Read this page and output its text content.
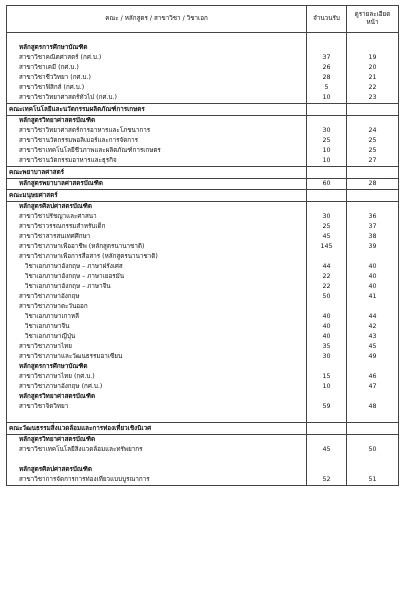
คณะ / หลักสูตร / สาขาวิชา / วิชาเอก	จำนวนรับ	ดูรายละเอียดหน้า

หลักสูตรการศึกษาบัณฑิต		
สาขาวิชาคณิตศาสตร์ (กศ.บ.)	37	19
สาขาวิชาเคมี (กศ.บ.)	26	20
สาขาวิชาชีววิทยา (กศ.บ.)	28	21
สาขาวิชาฟิสิกส์ (กศ.บ.)	5	22
สาขาวิชาวิทยาศาสตร์ทั่วไป (กศ.บ.)	10	23
คณะเทคโนโลยีและนวัตกรรมผลิตภัณฑ์การเกษตร		
หลักสูตรวิทยาศาสตรบัณฑิต		
สาขาวิชาวิทยาศาสตร์การอาหารและโภชนาการ	30	24
สาขาวิชานวัตกรรมพอลิเมอร์และการจัดการ	25	25
สาขาวิชาเทคโนโลยีชีวภาพและผลิตภัณฑ์การเกษตร	10	25
สาขาวิชานวัตกรรมอาหารและธุรกิจ	10	27
คณะพยาบาลศาสตร์		
หลักสูตรพยาบาลศาสตรบัณฑิต	60	28
คณะมนุษยศาสตร์		
หลักสูตรศิลปศาสตรบัณฑิต		
สาขาวิชาปรัชญาและศาสนา	30	36
สาขาวิชาวรรณกรรมสำหรับเด็ก	25	37
สาขาวิชาสารสนเทศศึกษา	45	38
สาขาวิชาภาษาเพื่ออาชีพ (หลักสูตรนานาชาติ)	145	39
สาขาวิชาภาษาเพื่อการสื่อสาร (หลักสูตรนานาชาติ)		
วิชาเอกภาษาอังกฤษ – ภาษาฝรั่งเศส	44	40
วิชาเอกภาษาอังกฤษ – ภาษาเยอรมัน	22	40
วิชาเอกภาษาอังกฤษ – ภาษาจีน	22	40
สาขาวิชาภาษาอังกฤษ	50	41
สาขาวิชาภาษาตะวันออก		
วิชาเอกภาษาเกาหลี	40	44
วิชาเอกภาษาจีน	40	42
วิชาเอกภาษาญี่ปุ่น	40	43
สาขาวิชาภาษาไทย	35	45
สาขาวิชาภาษาและวัฒนธรรมอาเซียน	30	49
หลักสูตรการศึกษาบัณฑิต		
สาขาวิชาภาษาไทย (กศ.บ.)	15	46
สาขาวิชาภาษาอังกฤษ (กศ.บ.)	10	47
หลักสูตรวิทยาศาสตรบัณฑิต		
สาขาวิชาจิตวิทยา	59	48

คณะวัฒนธรรมสิ่งแวดล้อมและการท่องเที่ยวเชิงนิเวศ		
หลักสูตรวิทยาศาสตรบัณฑิต		
สาขาวิชาเทคโนโลยีสิ่งแวดล้อมและทรัพยากร	45	50

หลักสูตรศิลปศาสตรบัณฑิต		
สาขาวิชาการจัดการการท่องเที่ยวแบบบูรณาการ	52	51
